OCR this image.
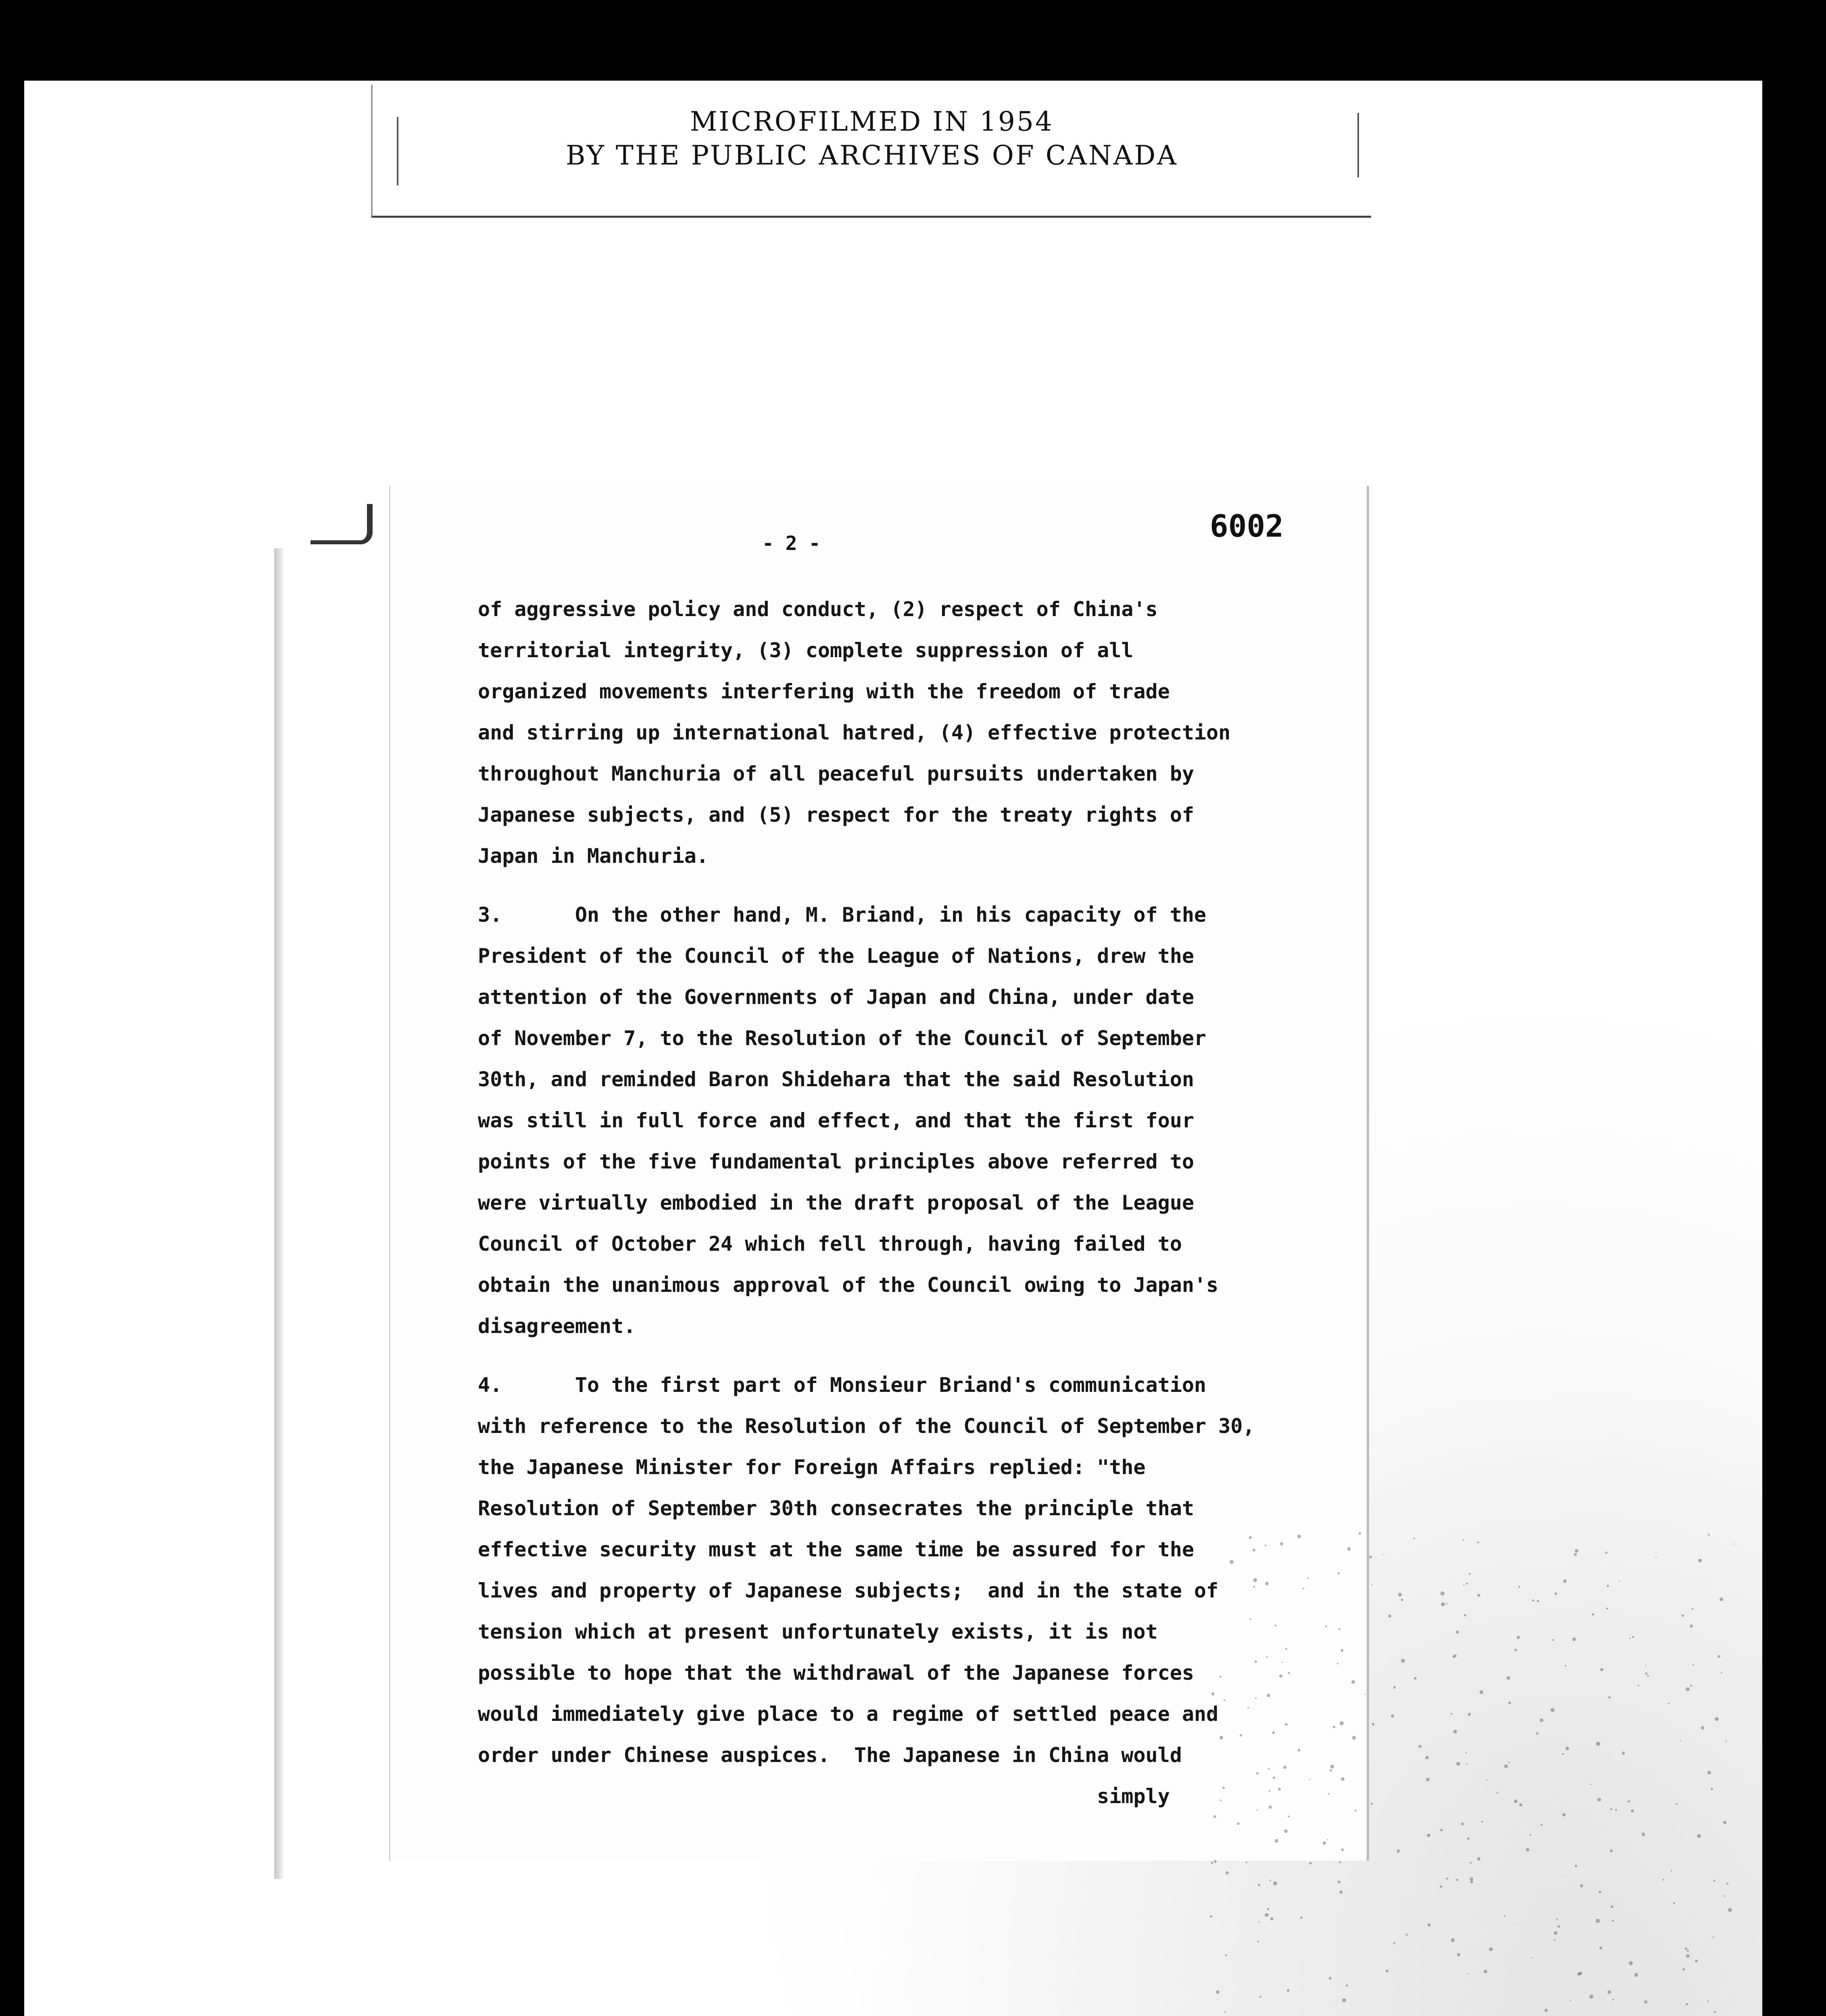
MICROFILMED IN 1954
BY THE PUBLIC ARCHIVES OF CANADA
- 2 -	6002
of aggressive policy and conduct, (2) respect of China's
territorial integrity, (3) complete suppression of all
organized movements interfering with the freedom of trade
and stirring up international hatred, (4) effective protection
throughout Manchuria of all peaceful pursuits undertaken by
Japanese subjects, and (5) respect for the treaty rights of
Japan in Manchuria.
3.      On the other hand, M. Briand, in his capacity of the
President of the Council of the League of Nations, drew the
attention of the Governments of Japan and China, under date
of November 7, to the Resolution of the Council of September
30th, and reminded Baron Shidehara that the said Resolution
was still in full force and effect, and that the first four
points of the five fundamental principles above referred to
were virtually embodied in the draft proposal of the League
Council of October 24 which fell through, having failed to
obtain the unanimous approval of the Council owing to Japan's
disagreement.
4.      To the first part of Monsieur Briand's communication
with reference to the Resolution of the Council of September 30,
the Japanese Minister for Foreign Affairs replied: "the
Resolution of September 30th consecrates the principle that
effective security must at the same time be assured for the
lives and property of Japanese subjects;  and in the state of
tension which at present unfortunately exists, it is not
possible to hope that the withdrawal of the Japanese forces
would immediately give place to a regime of settled peace and
order under Chinese auspices.  The Japanese in China would
simply
